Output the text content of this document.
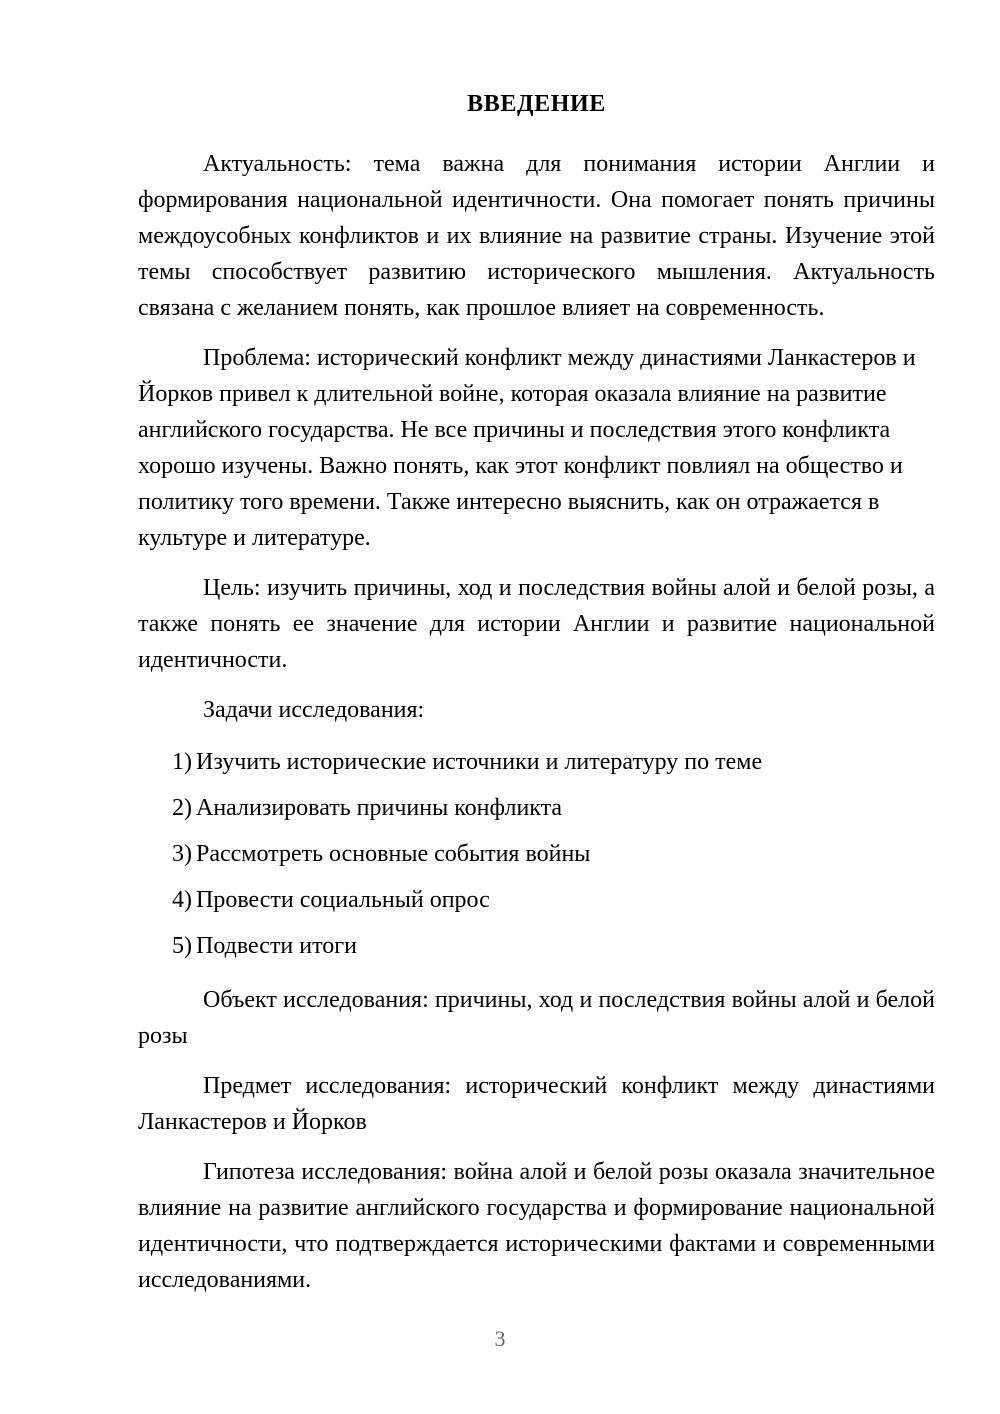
ВВЕДЕНИЕ

Актуальность: тема важна для понимания истории Англии и формирования национальной идентичности. Она помогает понять причины междоусобных конфликтов и их влияние на развитие страны. Изучение этой темы способствует развитию исторического мышления. Актуальность связана с желанием понять, как прошлое влияет на современность.

Проблема: исторический конфликт между династиями Ланкастеров и Йорков привел к длительной войне, которая оказала влияние на развитие английского государства. Не все причины и последствия этого конфликта хорошо изучены. Важно понять, как этот конфликт повлиял на общество и политику того времени. Также интересно выяснить, как он отражается в культуре и литературе.

Цель: изучить причины, ход и последствия войны алой и белой розы, а также понять ее значение для истории Англии и развитие национальной идентичности.

Задачи исследования:

1) Изучить исторические источники и литературу по теме
2) Анализировать причины конфликта
3) Рассмотреть основные события войны
4) Провести социальный опрос
5) Подвести итоги

Объект исследования: причины, ход и последствия войны алой и белой розы

Предмет исследования: исторический конфликт между династиями Ланкастеров и Йорков

Гипотеза исследования: война алой и белой розы оказала значительное влияние на развитие английского государства и формирование национальной идентичности, что подтверждается историческими фактами и современными исследованиями.

3
